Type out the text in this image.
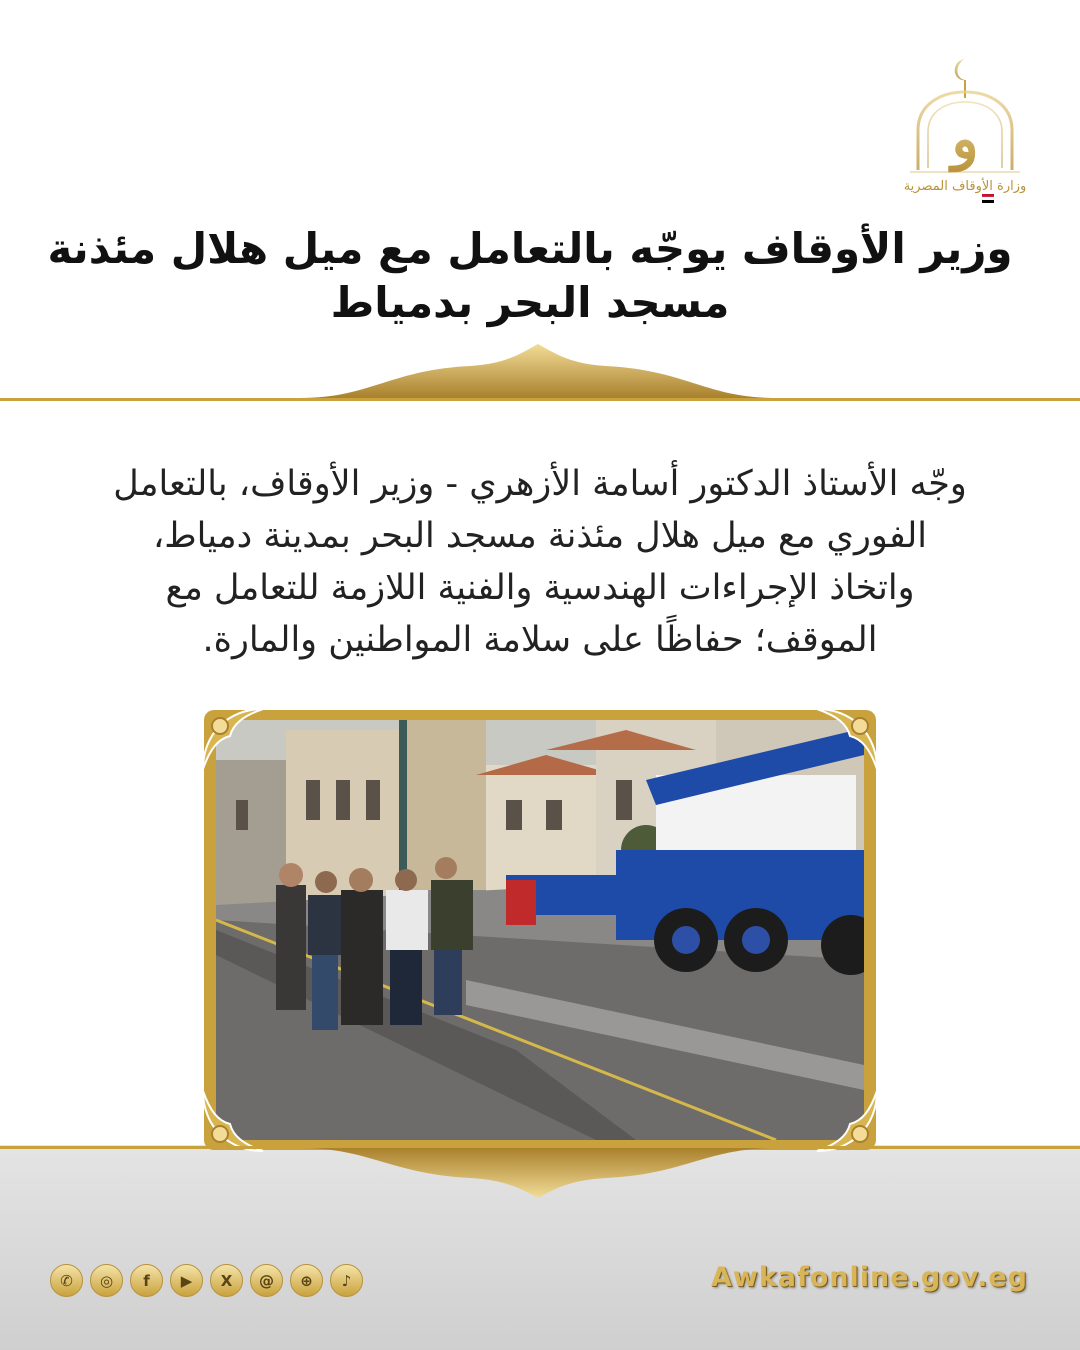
و
وزارة الأوقاف المصرية
وزير الأوقاف يوجّه بالتعامل مع ميل هلال مئذنة
مسجد البحر بدمياط
وجّه الأستاذ الدكتور أسامة الأزهري - وزير الأوقاف، بالتعامل
الفوري مع ميل هلال مئذنة مسجد البحر بمدينة دمياط،
واتخاذ الإجراءات الهندسية والفنية اللازمة للتعامل مع
الموقف؛ حفاظًا على سلامة المواطنين والمارة.
✆	◎	f	▶	X	@	⊕	♪	Awkafonline.gov.eg
